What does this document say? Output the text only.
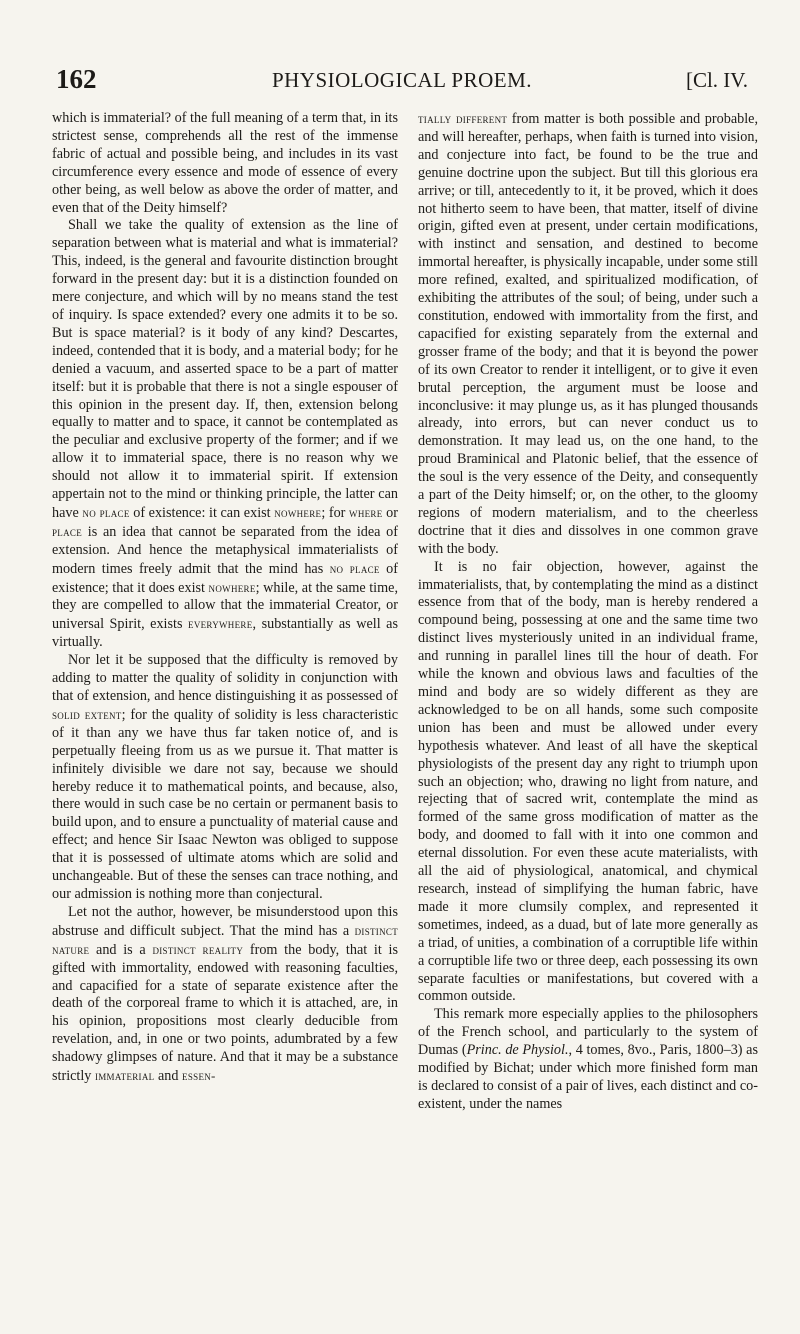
162	PHYSIOLOGICAL PROEM.	[Cl. IV.

which is immaterial? of the full meaning of a term that, in its strictest sense, comprehends all the rest of the immense fabric of actual and possible being, and includes in its vast circumference every essence and mode of essence of every other being, as well below as above the order of matter, and even that of the Deity himself?

Shall we take the quality of extension as the line of separation between what is material and what is immaterial? This, indeed, is the general and favourite distinction brought forward in the present day: but it is a distinction founded on mere conjecture, and which will by no means stand the test of inquiry. Is space extended? every one admits it to be so. But is space material? is it body of any kind? Descartes, indeed, contended that it is body, and a material body; for he denied a vacuum, and asserted space to be a part of matter itself: but it is probable that there is not a single espouser of this opinion in the present day. If, then, extension belong equally to matter and to space, it cannot be contemplated as the peculiar and exclusive property of the former; and if we allow it to immaterial space, there is no reason why we should not allow it to immaterial spirit. If extension appertain not to the mind or thinking principle, the latter can have no place of existence: it can exist nowhere; for where or place is an idea that cannot be separated from the idea of extension. And hence the metaphysical immaterialists of modern times freely admit that the mind has no place of existence; that it does exist nowhere; while, at the same time, they are compelled to allow that the immaterial Creator, or universal Spirit, exists everywhere, substantially as well as virtually.

Nor let it be supposed that the difficulty is removed by adding to matter the quality of solidity in conjunction with that of extension, and hence distinguishing it as possessed of solid extent; for the quality of solidity is less characteristic of it than any we have thus far taken notice of, and is perpetually fleeing from us as we pursue it. That matter is infinitely divisible we dare not say, because we should hereby reduce it to mathematical points, and because, also, there would in such case be no certain or permanent basis to build upon, and to ensure a punctuality of material cause and effect; and hence Sir Isaac Newton was obliged to suppose that it is possessed of ultimate atoms which are solid and unchangeable. But of these the senses can trace nothing, and our admission is nothing more than conjectural.

Let not the author, however, be misunderstood upon this abstruse and difficult subject. That the mind has a distinct nature and is a distinct reality from the body, that it is gifted with immortality, endowed with reasoning faculties, and capacified for a state of separate existence after the death of the corporeal frame to which it is attached, are, in his opinion, propositions most clearly deducible from revelation, and, in one or two points, adumbrated by a few shadowy glimpses of nature. And that it may be a substance strictly immaterial and essen-

tially different from matter is both possible and probable, and will hereafter, perhaps, when faith is turned into vision, and conjecture into fact, be found to be the true and genuine doctrine upon the subject. But till this glorious era arrive; or till, antecedently to it, it be proved, which it does not hitherto seem to have been, that matter, itself of divine origin, gifted even at present, under certain modifications, with instinct and sensation, and destined to become immortal hereafter, is physically incapable, under some still more refined, exalted, and spiritualized modification, of exhibiting the attributes of the soul; of being, under such a constitution, endowed with immortality from the first, and capacified for existing separately from the external and grosser frame of the body; and that it is beyond the power of its own Creator to render it intelligent, or to give it even brutal perception, the argument must be loose and inconclusive: it may plunge us, as it has plunged thousands already, into errors, but can never conduct us to demonstration. It may lead us, on the one hand, to the proud Braminical and Platonic belief, that the essence of the soul is the very essence of the Deity, and consequently a part of the Deity himself; or, on the other, to the gloomy regions of modern materialism, and to the cheerless doctrine that it dies and dissolves in one common grave with the body.

It is no fair objection, however, against the immaterialists, that, by contemplating the mind as a distinct essence from that of the body, man is hereby rendered a compound being, possessing at one and the same time two distinct lives mysteriously united in an individual frame, and running in parallel lines till the hour of death. For while the known and obvious laws and faculties of the mind and body are so widely different as they are acknowledged to be on all hands, some such composite union has been and must be allowed under every hypothesis whatever. And least of all have the skeptical physiologists of the present day any right to triumph upon such an objection; who, drawing no light from nature, and rejecting that of sacred writ, contemplate the mind as formed of the same gross modification of matter as the body, and doomed to fall with it into one common and eternal dissolution. For even these acute materialists, with all the aid of physiological, anatomical, and chymical research, instead of simplifying the human fabric, have made it more clumsily complex, and represented it sometimes, indeed, as a duad, but of late more generally as a triad, of unities, a combination of a corruptible life within a corruptible life two or three deep, each possessing its own separate faculties or manifestations, but covered with a common outside.

This remark more especially applies to the philosophers of the French school, and particularly to the system of Dumas (Princ. de Physiol., 4 tomes, 8vo., Paris, 1800–3) as modified by Bichat; under which more finished form man is declared to consist of a pair of lives, each distinct and co-existent, under the names
